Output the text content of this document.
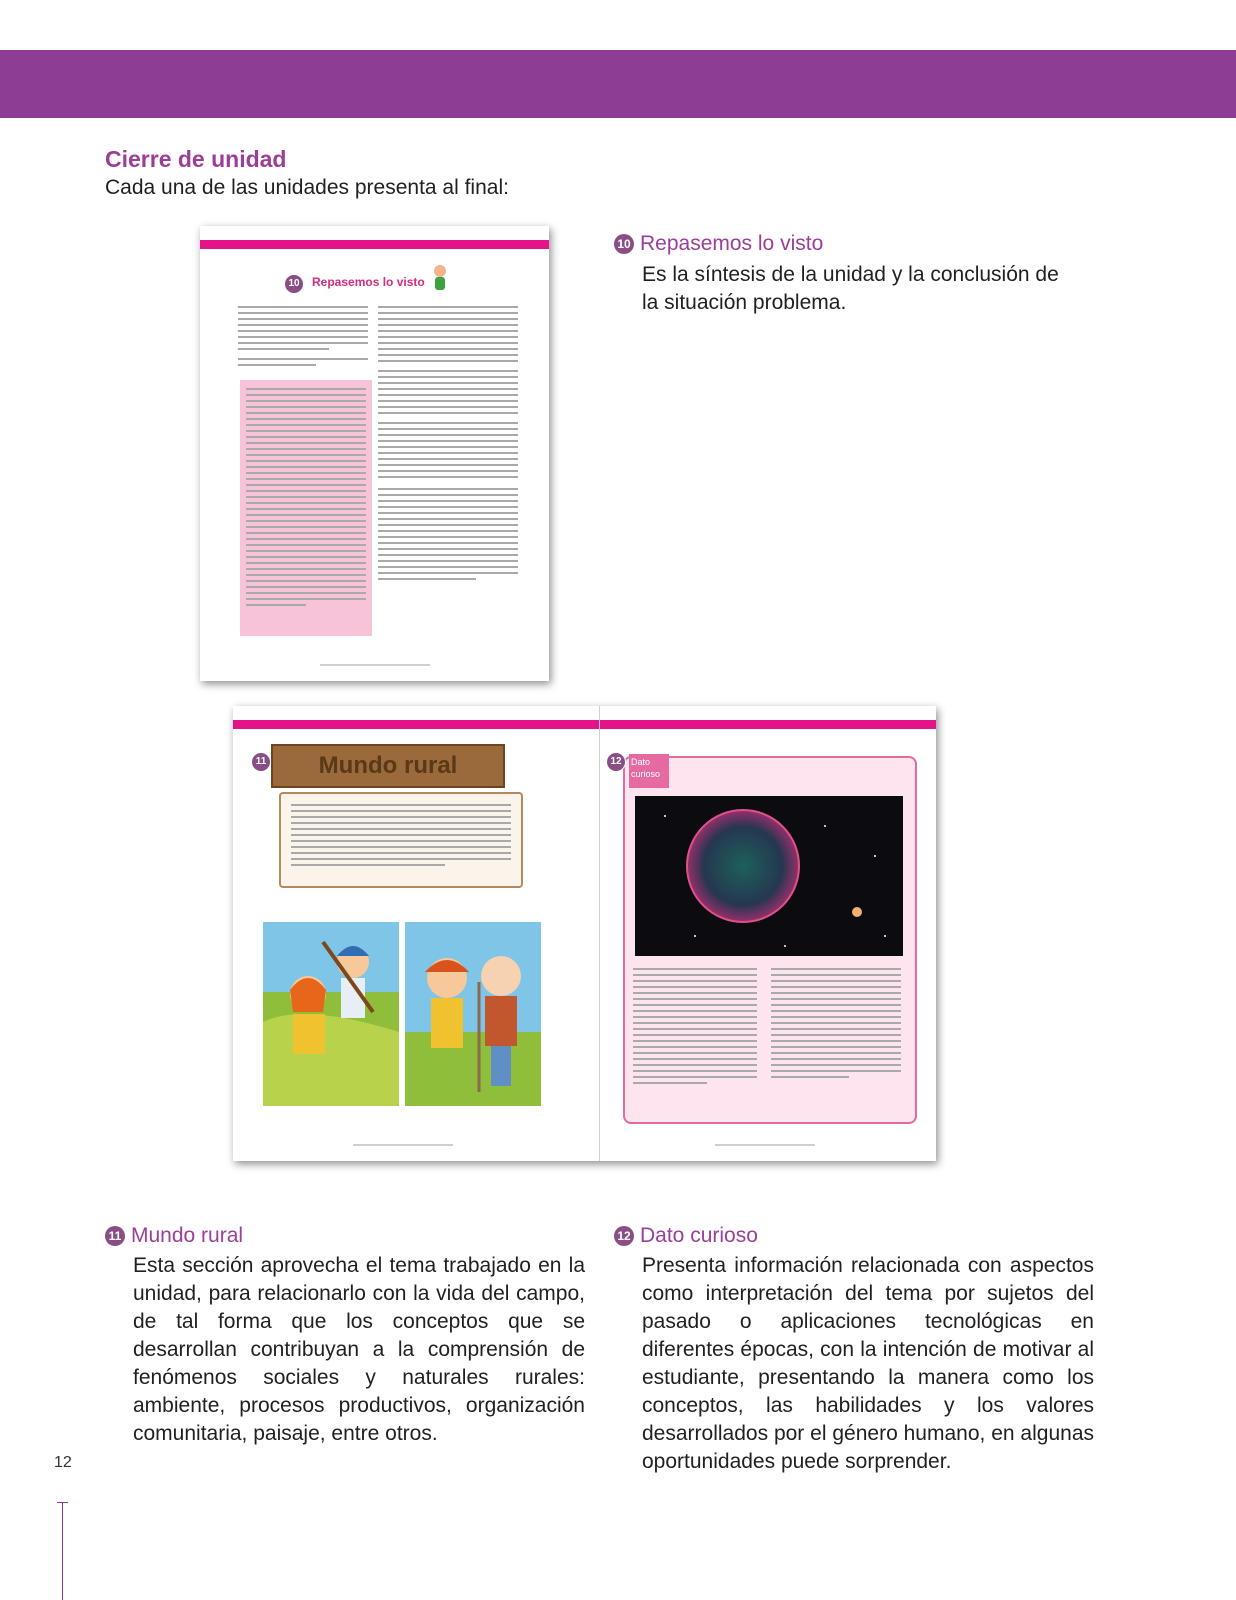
Cierre de unidad
Cada una de las unidades presenta al final:
10	Repasemos lo visto
11	Mundo rural	12	Dato curioso
10 Repasemos lo visto
Es la síntesis de la unidad y la conclusión de la situación problema.
11 Mundo rural
Esta sección aprovecha el tema trabajado en la unidad, para relacionarlo con la vida del campo, de tal forma que los conceptos que se desarrollan contribuyan a la comprensión de fenómenos sociales y naturales rurales: ambiente, procesos productivos, organización comunitaria, paisaje, entre otros.
12 Dato curioso
Presenta información relacionada con aspectos como interpretación del tema por sujetos del pasado o aplicaciones tecnológicas en diferentes épocas, con la intención de motivar al estudiante, presentando la manera como los conceptos, las habilidades y los valores desarrollados por el género humano, en algunas oportunidades puede sorprender.
12
